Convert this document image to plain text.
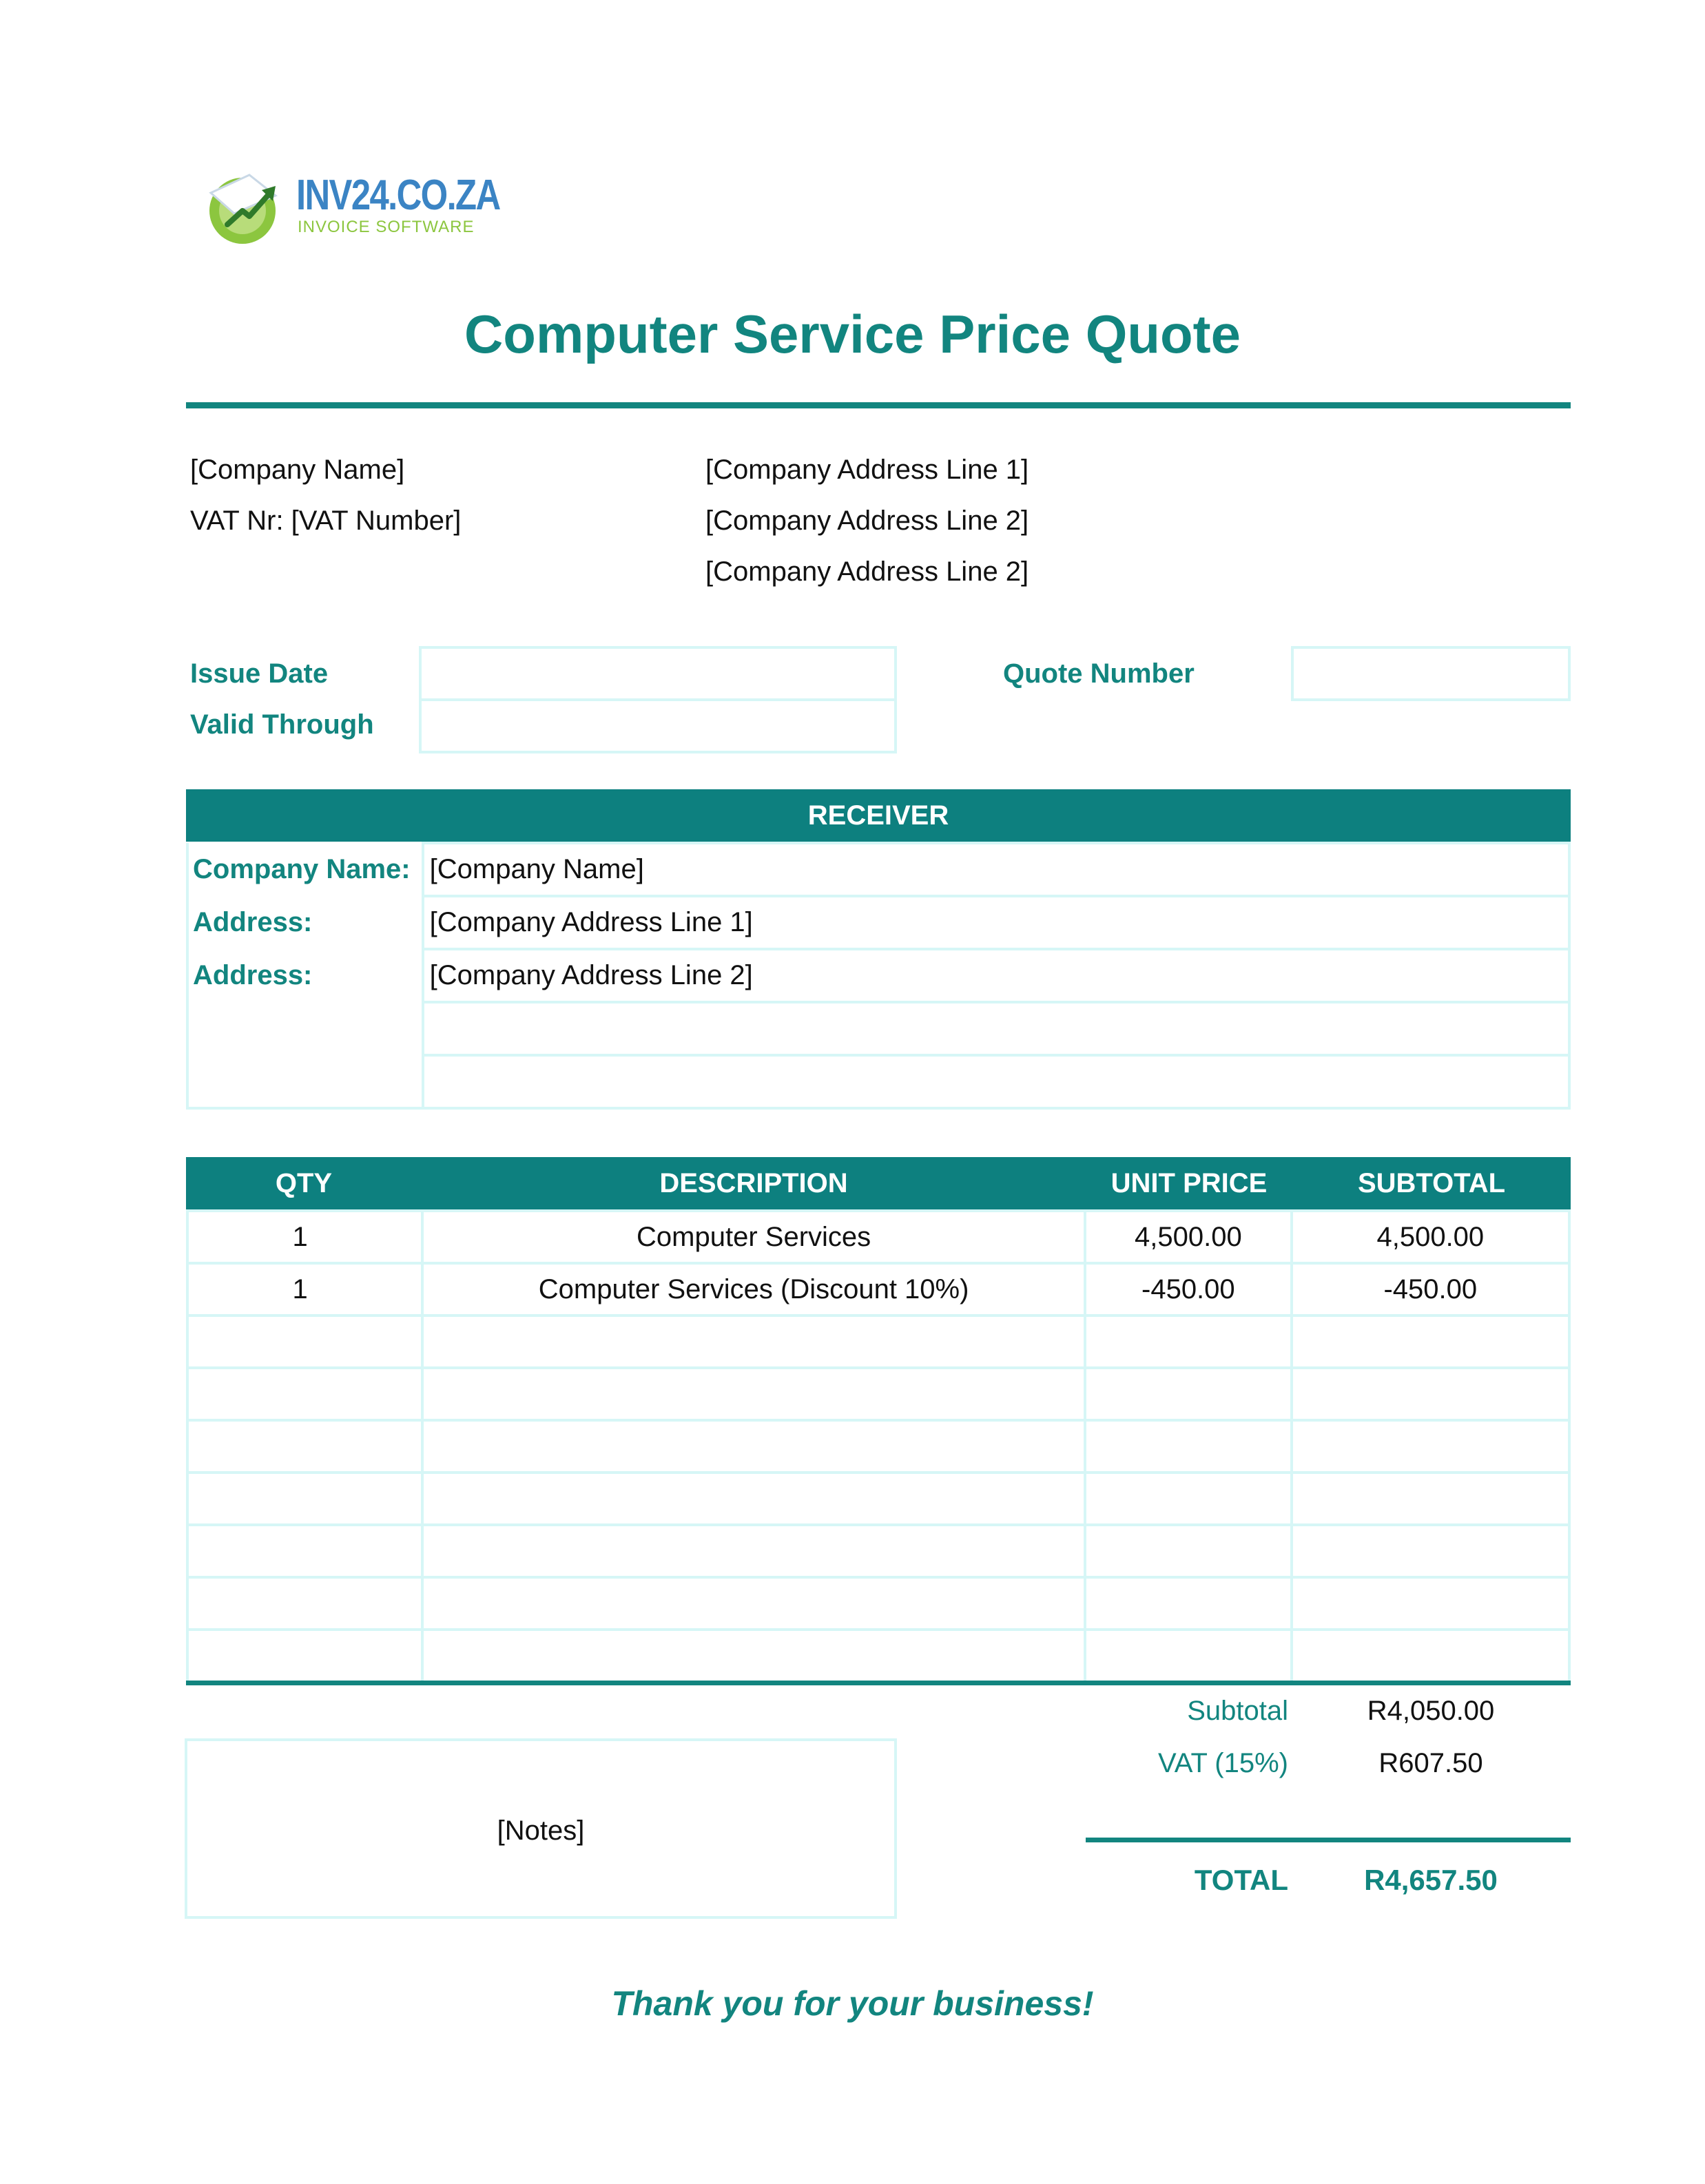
INV24.CO.ZA
INVOICE SOFTWARE
Computer Service Price Quote
[Company Name]
VAT Nr: [VAT Number]
[Company Address Line 1]
[Company Address Line 2]
[Company Address Line 2]
Issue Date
Valid Through
Quote Number
RECEIVER
Company Name:	[Company Name]
Address:	[Company Address Line 1]
Address:	[Company Address Line 2]

QTY	DESCRIPTION	UNIT PRICE	SUBTOTAL
1	Computer Services	4,500.00	4,500.00
1	Computer Services (Discount 10%)	-450.00	-450.00

Subtotal	R4,050.00
VAT (15%)	R607.50
TOTAL	R4,657.50
[Notes]
Thank you for your business!
